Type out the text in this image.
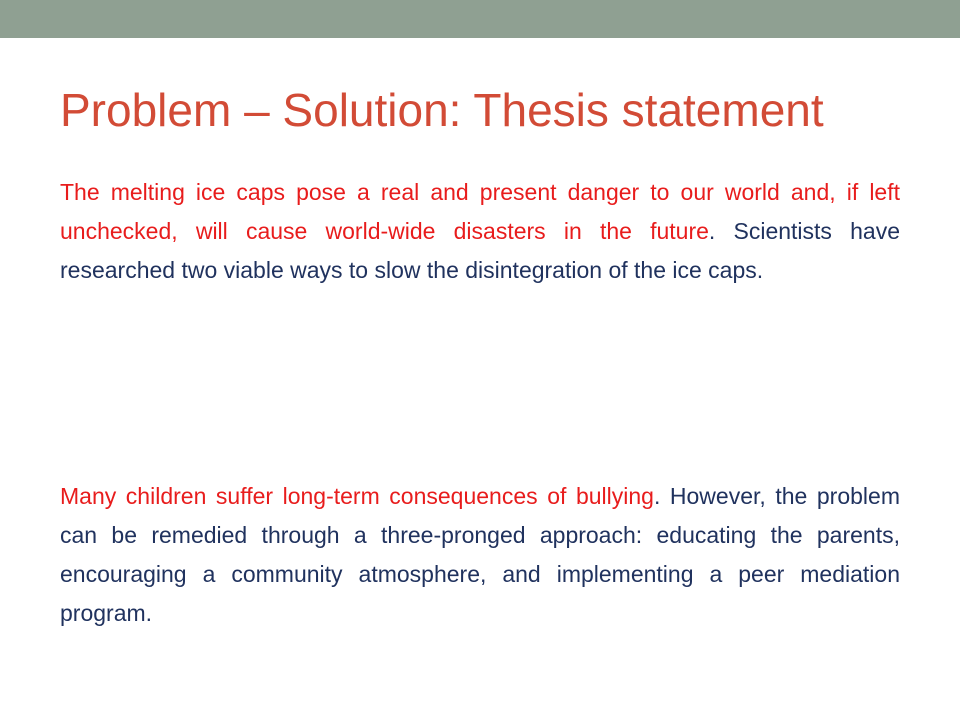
Problem – Solution: Thesis statement

The melting ice caps pose a real and present danger to our world and, if left unchecked, will cause world-wide disasters in the future. Scientists have researched two viable ways to slow the disintegration of the ice caps.

Many children suffer long-term consequences of bullying. However, the problem can be remedied through a three-pronged approach: educating the parents, encouraging a community atmosphere, and implementing a peer mediation program.
